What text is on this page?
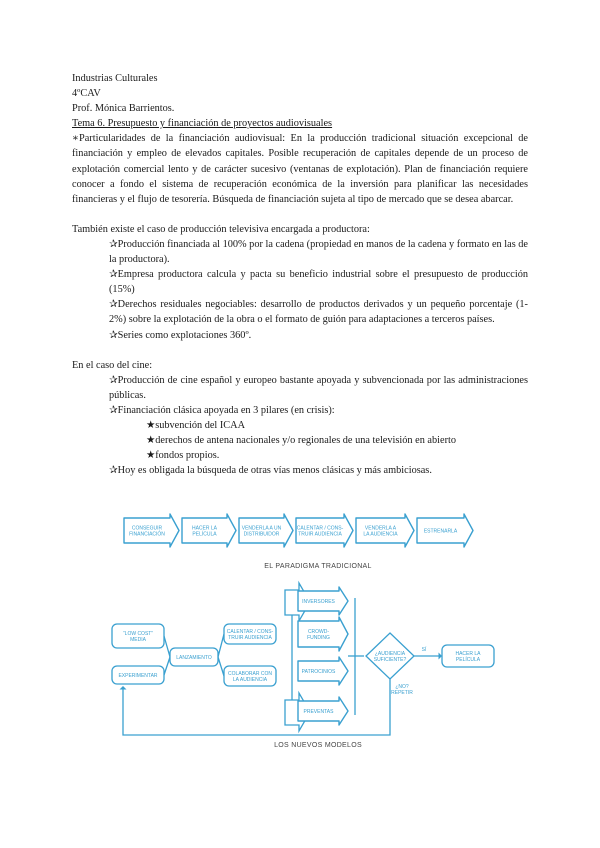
Industrias Culturales

4ºCAV

Prof. Mónica Barrientos.

Tema 6. Presupuesto y financiación de proyectos audiovisuales

∗Particularidades de la financiación audiovisual: En la producción tradicional situación excepcional de financiación y empleo de elevados capitales. Posible recuperación de capitales depende de un proceso de explotación comercial lento y de carácter sucesivo (ventanas de explotación). Plan de financiación requiere conocer a fondo el sistema de recuperación económica de la inversión para planificar las necesidades financieras y el flujo de tesorería. Búsqueda de financiación sujeta al tipo de mercado que se desea abarcar.

También existe el caso de producción televisiva encargada a productora:

✰Producción financiada al 100% por la cadena (propiedad en manos de la cadena y formato en las de la productora).

✰Empresa productora calcula y pacta su beneficio industrial sobre el presupuesto de producción (15%)

✰Derechos residuales negociables: desarrollo de productos derivados y un pequeño porcentaje (1-2%) sobre la explotación de la obra o el formato de guión para adaptaciones a terceros países.

✰Series como explotaciones 360º.

En el caso del cine:

✰Producción de cine español y europeo bastante apoyada y subvencionada por las administraciones públicas.

✰Financiación clásica apoyada en 3 pilares (en crisis):

★subvención del ICAA

★derechos de antena nacionales y/o regionales de una televisión en abierto

★fondos propios.

✰Hoy es obligada la búsqueda de otras vías menos clásicas y más ambiciosas.

CONSEGUIR FINANCIACIÓN
HACER LA PELÍCULA
VENDERLA A UN DISTRIBUIDOR
CALENTAR / CONS-TRUIR AUDIENCIA
VENDERLA A LA AUDIENCIA	ESTRENARLA
EL PARADIGMA TRADICIONAL
“LOW COST” MEDIA
EXPERIMENTAR
LANZAMIENTO
CALENTAR / CONS-TRUIR AUDIENCIA
COLABORAR CON LA AUDIENCIA
INVERSORES
CROWD-FUNDING
PATROCINIOS
PREVENTAS
¿AUDIENCIA SUFICIENTE?
SÍ
HACER LA PELÍCULA
¿NO? REPETIR
LOS NUEVOS MODELOS
